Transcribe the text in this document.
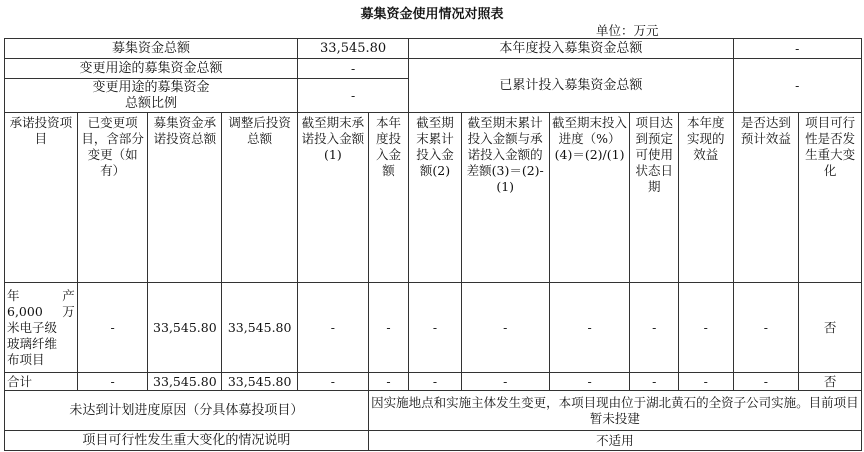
募集资金使用情况对照表
单位：万元
募集资金总额				33,545.80		本年度投入募集资金总额					-	
变更用途的募集资金总额				-		已累计投入募集资金总额					-	

变更用途的募集资金
总额比例				-								
承诺投资项目	已变更项目，含部分变更（如有）	募集资金承诺投资总额	调整后投资总额	截至期末承诺投入金额(1)	本年度投入金额	截至期末累计投入金额(2)	截至期末累计投入金额与承诺投入金额的差额(3)＝(2)-(1)	截至期末投入进度（%）(4)＝(2)/(1)	项目达到预定可使用状态日期	本年度实现的效益	是否达到预计效益	项目可行性是否发生重大变化

年 产
6,000 万
米电子级
玻璃纤维
布项目	-	33,545.80	33,545.80	-	-	-	-	-	-	-	-	否
合计	-	33,545.80	33,545.80	-	-	-	-	-	-	-	-	否
未达到计划进度原因（分具体募投项目）					因实施地点和实施主体发生变更，本项目现由位于湖北黄石的全资子公司实施。目前项目暂未投建							
项目可行性发生重大变化的情况说明					不适用							
